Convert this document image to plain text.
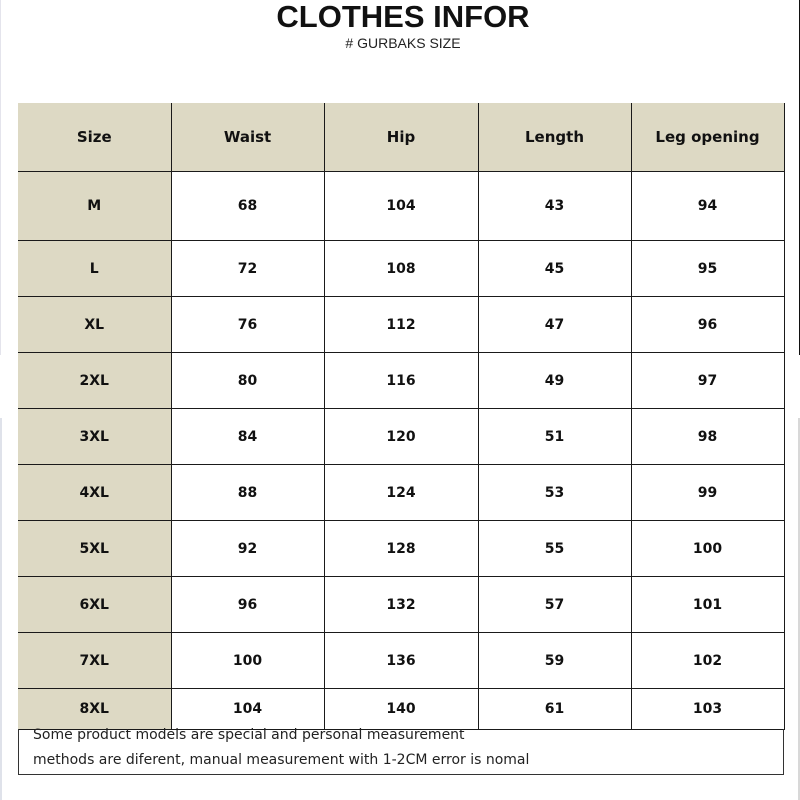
CLOTHES INFOR
# GURBAKS SIZE
Size	Waist	Hip	Length	Leg opening
M	68	104	43	94
L	72	108	45	95
XL	76	112	47	96
2XL	80	116	49	97
3XL	84	120	51	98
4XL	88	124	53	99
5XL	92	128	55	100
6XL	96	132	57	101
7XL	100	136	59	102
8XL	104	140	61	103
Some product models are special and personal measurement
methods are diferent, manual measurement with 1-2CM error is nomal
